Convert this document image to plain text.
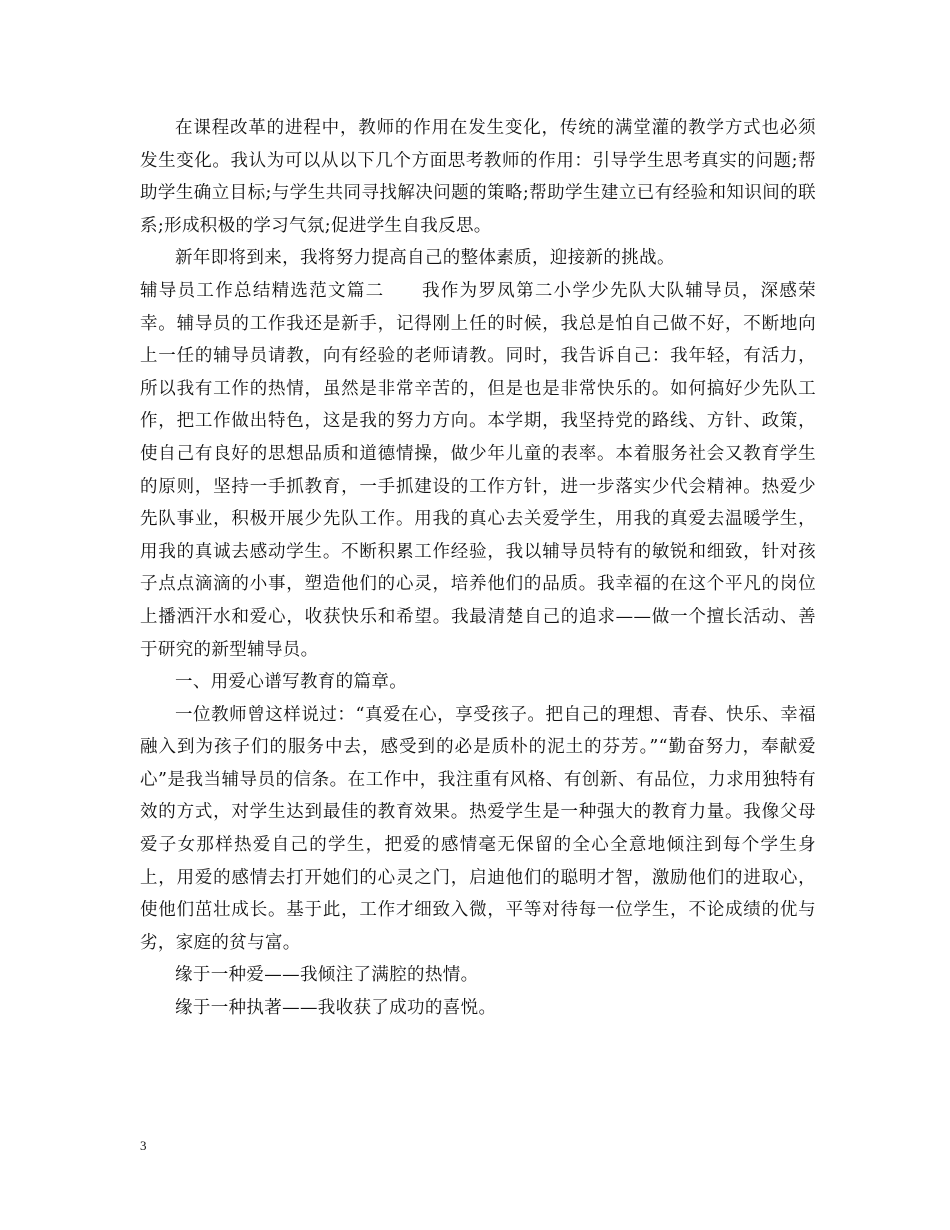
在课程改革的进程中，教师的作用在发生变化，传统的满堂灌的教学方式也必须发生变化。我认为可以从以下几个方面思考教师的作用：引导学生思考真实的问题;帮助学生确立目标;与学生共同寻找解决问题的策略;帮助学生建立已有经验和知识间的联系;形成积极的学习气氛;促进学生自我反思。

新年即将到来，我将努力提高自己的整体素质，迎接新的挑战。

辅导员工作总结精选范文篇二　　我作为罗凤第二小学少先队大队辅导员，深感荣幸。辅导员的工作我还是新手，记得刚上任的时候，我总是怕自己做不好，不断地向上一任的辅导员请教，向有经验的老师请教。同时，我告诉自己：我年轻，有活力，所以我有工作的热情，虽然是非常辛苦的，但是也是非常快乐的。如何搞好少先队工作，把工作做出特色，这是我的努力方向。本学期，我坚持党的路线、方针、政策，使自己有良好的思想品质和道德情操，做少年儿童的表率。本着服务社会又教育学生的原则，坚持一手抓教育，一手抓建设的工作方针，进一步落实少代会精神。热爱少先队事业，积极开展少先队工作。用我的真心去关爱学生，用我的真爱去温暖学生，用我的真诚去感动学生。不断积累工作经验，我以辅导员特有的敏锐和细致，针对孩子点点滴滴的小事，塑造他们的心灵，培养他们的品质。我幸福的在这个平凡的岗位上播洒汗水和爱心，收获快乐和希望。我最清楚自己的追求——做一个擅长活动、善于研究的新型辅导员。

一、用爱心谱写教育的篇章。

一位教师曾这样说过：“真爱在心，享受孩子。把自己的理想、青春、快乐、幸福融入到为孩子们的服务中去，感受到的必是质朴的泥土的芬芳。”“勤奋努力，奉献爱心”是我当辅导员的信条。在工作中，我注重有风格、有创新、有品位，力求用独特有效的方式，对学生达到最佳的教育效果。热爱学生是一种强大的教育力量。我像父母爱子女那样热爱自己的学生，把爱的感情毫无保留的全心全意地倾注到每个学生身上，用爱的感情去打开她们的心灵之门，启迪他们的聪明才智，激励他们的进取心，使他们茁壮成长。基于此，工作才细致入微，平等对待每一位学生，不论成绩的优与劣，家庭的贫与富。

缘于一种爱——我倾注了满腔的热情。

缘于一种执著——我收获了成功的喜悦。

3
